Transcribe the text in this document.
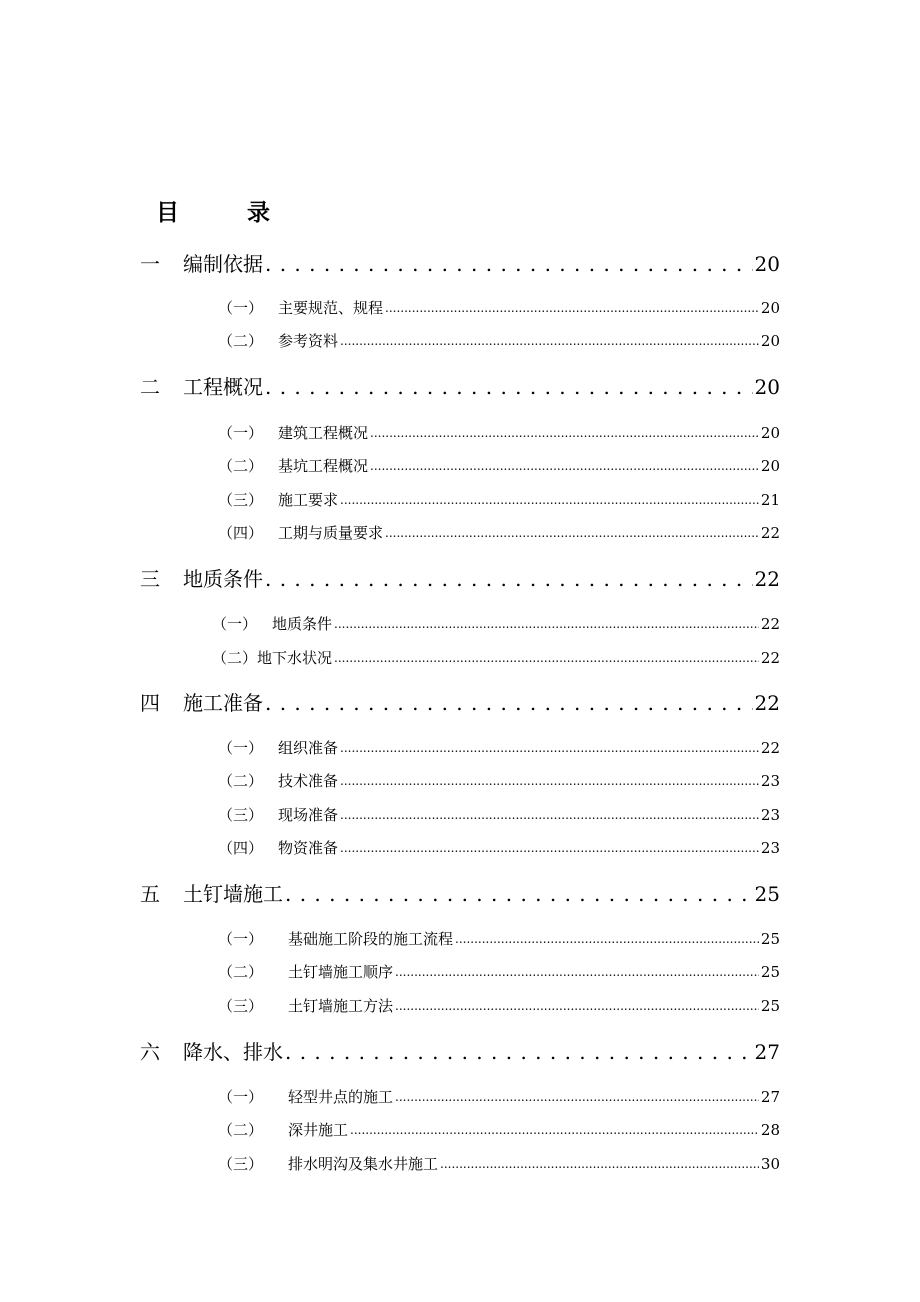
目 录
一	编制依据 . . .	20
（一） 主要规范、规程 .....	20
（二） 参考资料 .....	20
二	工程概况 . . .	20
（一） 建筑工程概况 .....	20
（二） 基坑工程概况 .....	20
（三） 施工要求 .....	21
（四） 工期与质量要求 .....	22
三	地质条件 . . .	22
（一） 地质条件 .....	22
（二） 地下水状况 .....	22
四	施工准备 . . .	22
（一） 组织准备 .....	22
（二） 技术准备 .....	23
（三） 现场准备 .....	23
（四） 物资准备 .....	23
五	土钉墙施工 . . .	25
（一）	基础施工阶段的施工流程 .....	25
（二）	土钉墙施工顺序 .....	25
（三）	土钉墙施工方法 .....	25
六	降水、排水 . . .	27
（一）	轻型井点的施工 .....	27
（二）	深井施工 .....	28
（三）	排水明沟及集水井施工 .....	30
